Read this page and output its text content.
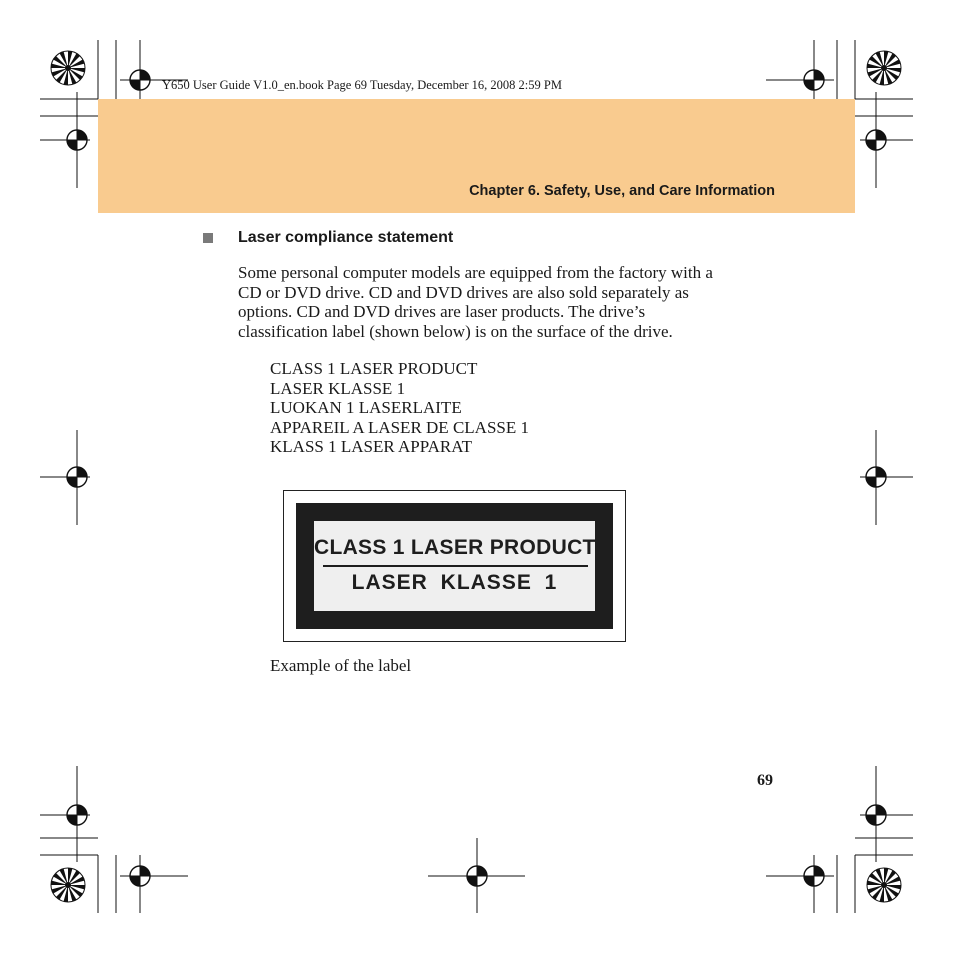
Y650 User Guide V1.0_en.book Page 69 Tuesday, December 16, 2008 2:59 PM
Chapter 6. Safety, Use, and Care Information
Laser compliance statement
Some personal computer models are equipped from the factory with a
CD or DVD drive. CD and DVD drives are also sold separately as
options. CD and DVD drives are laser products. The drive’s
classification label (shown below) is on the surface of the drive.
CLASS 1 LASER PRODUCT
LASER KLASSE 1
LUOKAN 1 LASERLAITE
APPAREIL A LASER DE CLASSE 1
KLASS 1 LASER APPARAT
CLASS 1 LASER PRODUCT
LASER KLASSE 1
Example of the label
69
